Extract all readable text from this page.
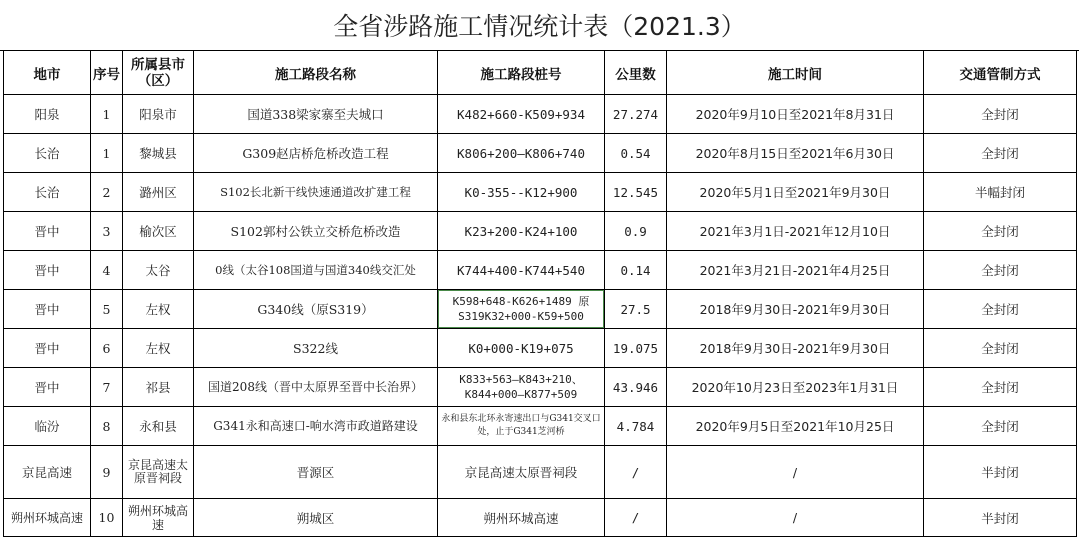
全省涉路施工情况统计表（2021.3）
地市	序号	所属县市（区）	施工路段名称	施工路段桩号	公里数	施工时间	交通管制方式
阳泉	1	阳泉市	国道338梁家寨至夫城口	K482+660-K509+934	27.274	2020年9月10日至2021年8月31日	全封闭
长治	1	黎城县	G309赵店桥危桥改造工程	K806+200—K806+740	0.54	2020年8月15日至2021年6月30日	全封闭
长治	2	潞州区	S102长北新干线快速通道改扩建工程	K0-355--K12+900	12.545	2020年5月1日至2021年9月30日	半幅封闭
晋中	3	榆次区	S102郭村公铁立交桥危桥改造	K23+200-K24+100	0.9	2021年3月1日-2021年12月10日	全封闭
晋中	4	太谷	0线（太谷108国道与国道340线交汇处	K744+400-K744+540	0.14	2021年3月21日-2021年4月25日	全封闭
晋中	5	左权	G340线（原S319）	K598+648-K626+1489 原S319K32+000-K59+500	27.5	2018年9月30日-2021年9月30日	全封闭
晋中	6	左权	S322线	K0+000-K19+075	19.075	2018年9月30日-2021年9月30日	全封闭
晋中	7	祁县	国道208线（晋中太原界至晋中长治界）	K833+563—K843+210、K844+000—K877+509	43.946	2020年10月23日至2023年1月31日	全封闭
临汾	8	永和县	G341永和高速口-响水湾市政道路建设	永和县东北环永寄速出口与G341交叉口处，止于G341芝河桥	4.784	2020年9月5日至2021年10月25日	全封闭
京昆高速	9	京昆高速太原晋祠段	晋源区	京昆高速太原晋祠段	/	/	半封闭
朔州环城高速	10	朔州环城高速	朔城区	朔州环城高速	/	/	半封闭
